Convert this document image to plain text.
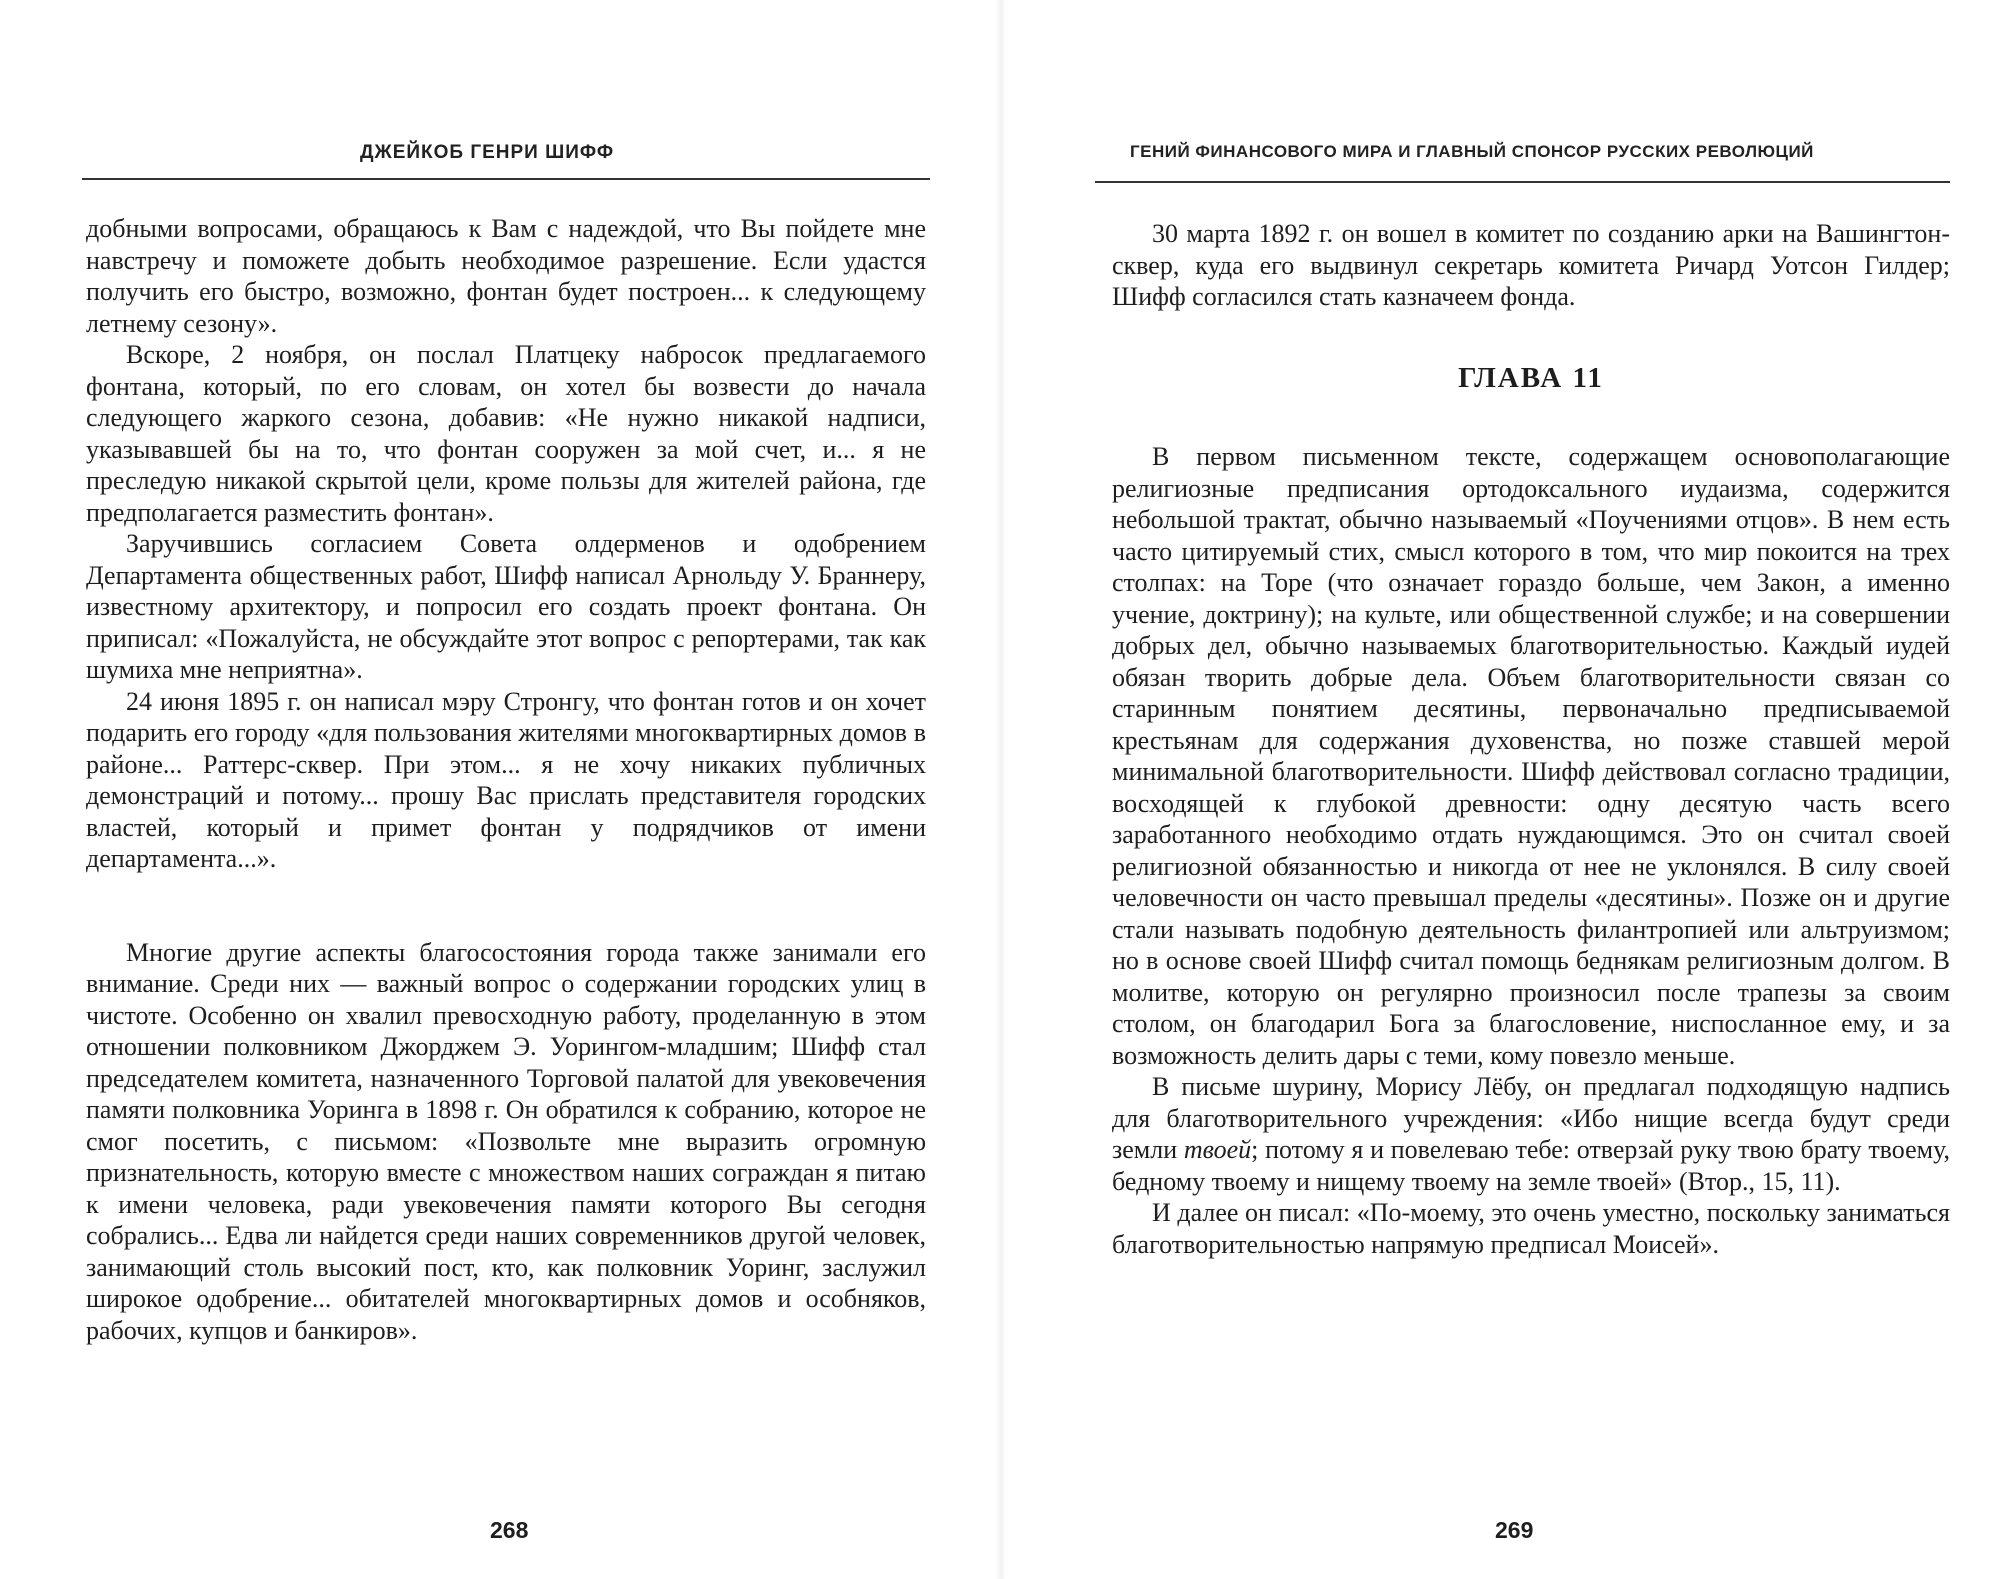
ДЖЕЙКОБ ГЕНРИ ШИФФ

добными вопросами, обращаюсь к Вам с надеждой, что Вы пойдете мне навстречу и поможете добыть необходимое разрешение. Если удастся получить его быстро, возможно, фонтан будет построен... к следующему летнему сезону».

Вскоре, 2 ноября, он послал Платцеку набросок предлагаемого фонтана, который, по его словам, он хотел бы возвести до начала следующего жаркого сезона, добавив: «Не нужно никакой надписи, указывавшей бы на то, что фонтан сооружен за мой счет, и... я не преследую никакой скрытой цели, кроме пользы для жителей района, где предполагается разместить фонтан».

Заручившись согласием Совета олдерменов и одобрением Департамента общественных работ, Шифф написал Арнольду У. Браннеру, известному архитектору, и попросил его создать проект фонтана. Он приписал: «Пожалуйста, не обсуждайте этот вопрос с репортерами, так как шумиха мне неприятна».

24 июня 1895 г. он написал мэру Стронгу, что фонтан готов и он хочет подарить его городу «для пользования жителями многоквартирных домов в районе... Раттерс-сквер. При этом... я не хочу никаких публичных демонстраций и потому... прошу Вас прислать представителя городских властей, который и примет фонтан у подрядчиков от имени департамента...».

Многие другие аспекты благосостояния города также занимали его внимание. Среди них — важный вопрос о содержании городских улиц в чистоте. Особенно он хвалил превосходную работу, проделанную в этом отношении полковником Джорджем Э. Уорингом-младшим; Шифф стал председателем комитета, назначенного Торговой палатой для увековечения памяти полковника Уоринга в 1898 г. Он обратился к собранию, которое не смог посетить, с письмом: «Позвольте мне выразить огромную признательность, которую вместе с множеством наших сограждан я питаю к имени человека, ради увековечения памяти которого Вы сегодня собрались... Едва ли найдется среди наших современников другой человек, занимающий столь высокий пост, кто, как полковник Уоринг, заслужил широкое одобрение... обитателей многоквартирных домов и особняков, рабочих, купцов и банкиров».

268
ГЕНИЙ ФИНАНСОВОГО МИРА И ГЛАВНЫЙ СПОНСОР РУССКИХ РЕВОЛЮЦИЙ

30 марта 1892 г. он вошел в комитет по созданию арки на Вашингтон-сквер, куда его выдвинул секретарь комитета Ричард Уотсон Гилдер; Шифф согласился стать казначеем фонда.

ГЛАВА 11

В первом письменном тексте, содержащем основополагающие религиозные предписания ортодоксального иудаизма, содержится небольшой трактат, обычно называемый «Поучениями отцов». В нем есть часто цитируемый стих, смысл которого в том, что мир покоится на трех столпах: на Торе (что означает гораздо больше, чем Закон, а именно учение, доктрину); на культе, или общественной службе; и на совершении добрых дел, обычно называемых благотворительностью. Каждый иудей обязан творить добрые дела. Объем благотворительности связан со старинным понятием десятины, первоначально предписываемой крестьянам для содержания духовенства, но позже ставшей мерой минимальной благотворительности. Шифф действовал согласно традиции, восходящей к глубокой древности: одну десятую часть всего заработанного необходимо отдать нуждающимся. Это он считал своей религиозной обязанностью и никогда от нее не уклонялся. В силу своей человечности он часто превышал пределы «десятины». Позже он и другие стали называть подобную деятельность филантропией или альтруизмом; но в основе своей Шифф считал помощь беднякам религиозным долгом. В молитве, которую он регулярно произносил после трапезы за своим столом, он благодарил Бога за благословение, ниспосланное ему, и за возможность делить дары с теми, кому повезло меньше.

В письме шурину, Морису Лёбу, он предлагал подходящую надпись для благотворительного учреждения: «Ибо нищие всегда будут среди земли твоей; потому я и повелеваю тебе: отверзай руку твою брату твоему, бедному твоему и нищему твоему на земле твоей» (Втор., 15, 11).

И далее он писал: «По-моему, это очень уместно, поскольку заниматься благотворительностью напрямую предписал Моисей».

269
